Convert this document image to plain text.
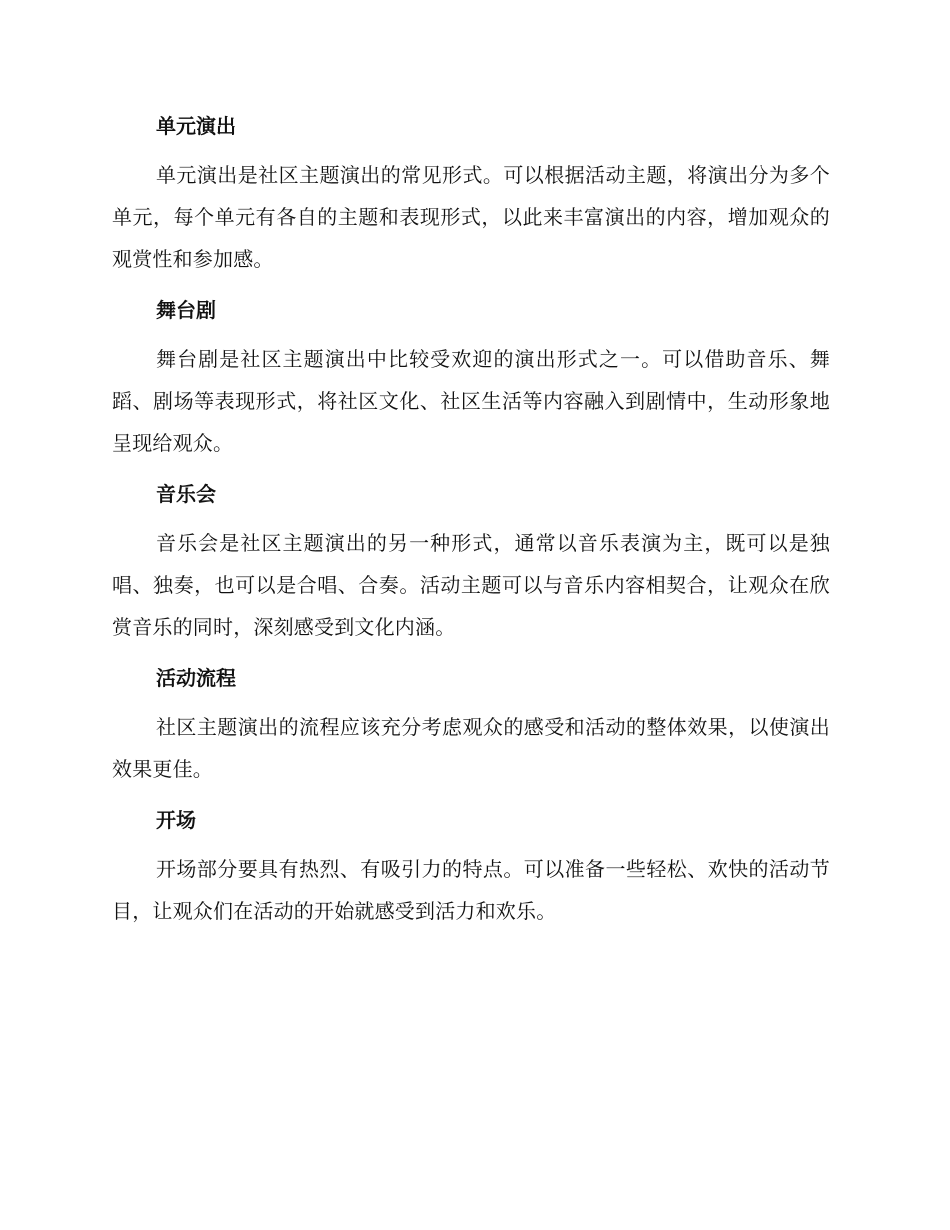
单元演出

单元演出是社区主题演出的常见形式。可以根据活动主题，将演出分为多个单元，每个单元有各自的主题和表现形式，以此来丰富演出的内容，增加观众的观赏性和参加感。

舞台剧

舞台剧是社区主题演出中比较受欢迎的演出形式之一。可以借助音乐、舞蹈、剧场等表现形式，将社区文化、社区生活等内容融入到剧情中，生动形象地呈现给观众。

音乐会

音乐会是社区主题演出的另一种形式，通常以音乐表演为主，既可以是独唱、独奏，也可以是合唱、合奏。活动主题可以与音乐内容相契合，让观众在欣赏音乐的同时，深刻感受到文化内涵。

活动流程

社区主题演出的流程应该充分考虑观众的感受和活动的整体效果，以使演出效果更佳。

开场

开场部分要具有热烈、有吸引力的特点。可以准备一些轻松、欢快的活动节目，让观众们在活动的开始就感受到活力和欢乐。
